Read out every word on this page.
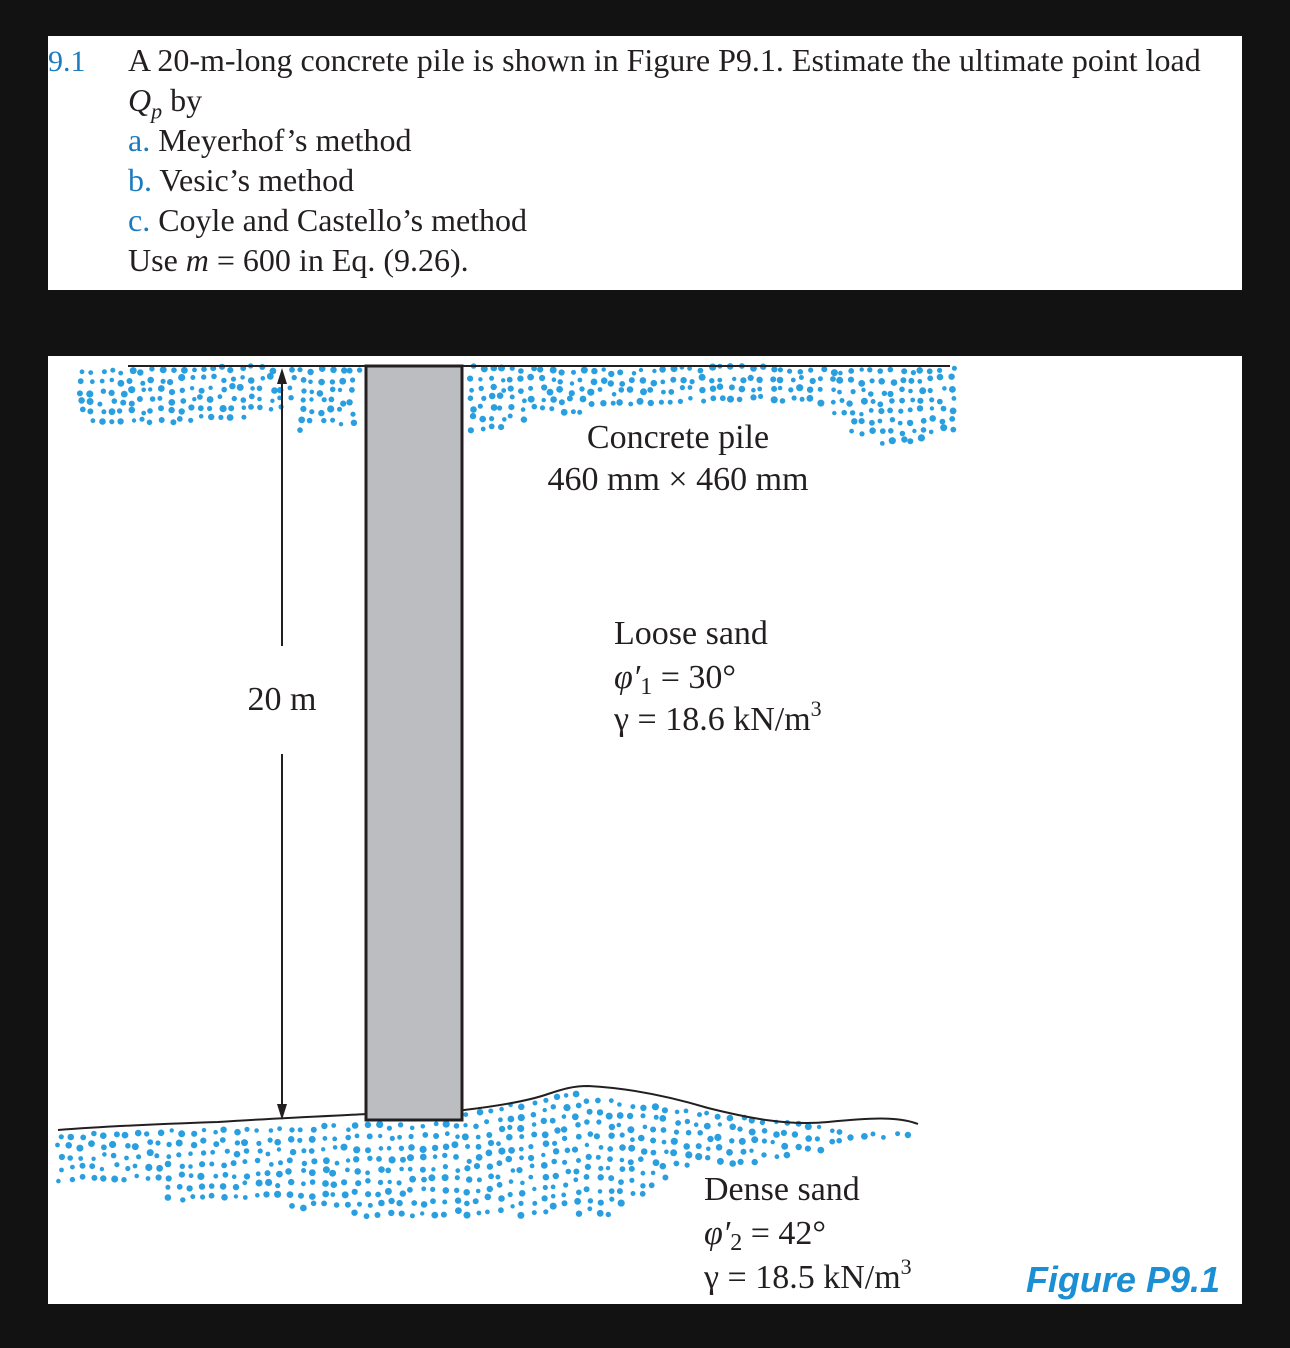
9.1 A 20-m-long concrete pile is shown in Figure P9.1. Estimate the ultimate point load
$Q_p$ by
a. Meyerhof’s method
b. Vesic’s method
c. Coyle and Castello’s method
Use m = 600 in Eq. (9.26).
20 m
Concrete pile
460 mm × 460 mm
Loose sand
φ′1 = 30°
γ = 18.6 $kN/m^3$
Dense sand
φ′2 = 42°
γ = 18.5 $kN/m^3$	Figure P9.1
